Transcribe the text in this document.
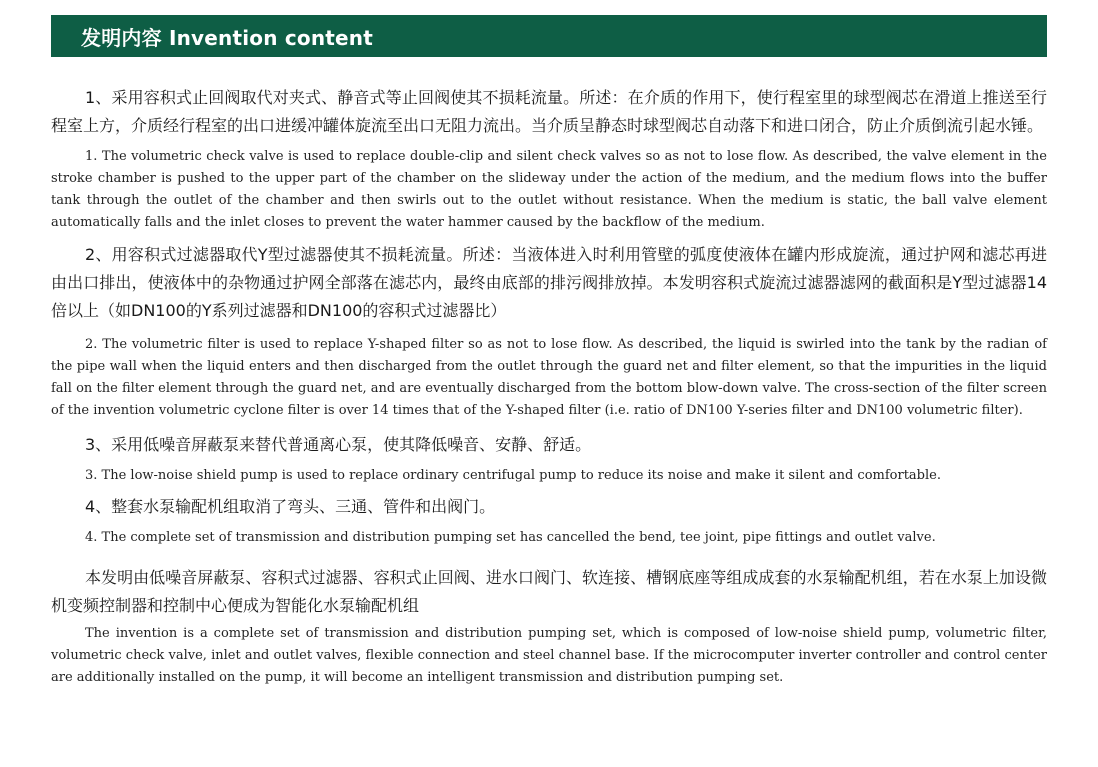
发明内容 Invention content

1、采用容积式止回阀取代对夹式、静音式等止回阀使其不损耗流量。所述：在介质的作用下，使行程室里的球型阀芯在滑道上推送至行程室上方，介质经行程室的出口进缓冲罐体旋流至出口无阻力流出。当介质呈静态时球型阀芯自动落下和进口闭合，防止介质倒流引起水锤。

1. The volumetric check valve is used to replace double-clip and silent check valves so as not to lose flow. As described, the valve element in the stroke chamber is pushed to the upper part of the chamber on the slideway under the action of the medium, and the medium flows into the buffer tank through the outlet of the chamber and then swirls out to the outlet without resistance. When the medium is static, the ball valve element automatically falls and the inlet closes to prevent the water hammer caused by the backflow of the medium.

2、用容积式过滤器取代Y型过滤器使其不损耗流量。所述：当液体进入时利用管壁的弧度使液体在罐内形成旋流，通过护网和滤芯再进由出口排出，使液体中的杂物通过护网全部落在滤芯内，最终由底部的排污阀排放掉。本发明容积式旋流过滤器滤网的截面积是Y型过滤器14倍以上（如DN100的Y系列过滤器和DN100的容积式过滤器比）

2. The volumetric filter is used to replace Y-shaped filter so as not to lose flow. As described, the liquid is swirled into the tank by the radian of the pipe wall when the liquid enters and then discharged from the outlet through the guard net and filter element, so that the impurities in the liquid fall on the filter element through the guard net, and are eventually discharged from the bottom blow-down valve. The cross-section of the filter screen of the invention volumetric cyclone filter is over 14 times that of the Y-shaped filter (i.e. ratio of DN100 Y-series filter and DN100 volumetric filter).

3、采用低噪音屏蔽泵来替代普通离心泵，使其降低噪音、安静、舒适。

3. The low-noise shield pump is used to replace ordinary centrifugal pump to reduce its noise and make it silent and comfortable.

4、整套水泵输配机组取消了弯头、三通、管件和出阀门。

4. The complete set of transmission and distribution pumping set has cancelled the bend, tee joint, pipe fittings and outlet valve.

本发明由低噪音屏蔽泵、容积式过滤器、容积式止回阀、进水口阀门、软连接、槽钢底座等组成成套的水泵输配机组，若在水泵上加设微机变频控制器和控制中心便成为智能化水泵输配机组

The invention is a complete set of transmission and distribution pumping set, which is composed of low-noise shield pump, volumetric filter, volumetric check valve, inlet and outlet valves, flexible connection and steel channel base. If the microcomputer inverter controller and control center are additionally installed on the pump, it will become an intelligent transmission and distribution pumping set.
